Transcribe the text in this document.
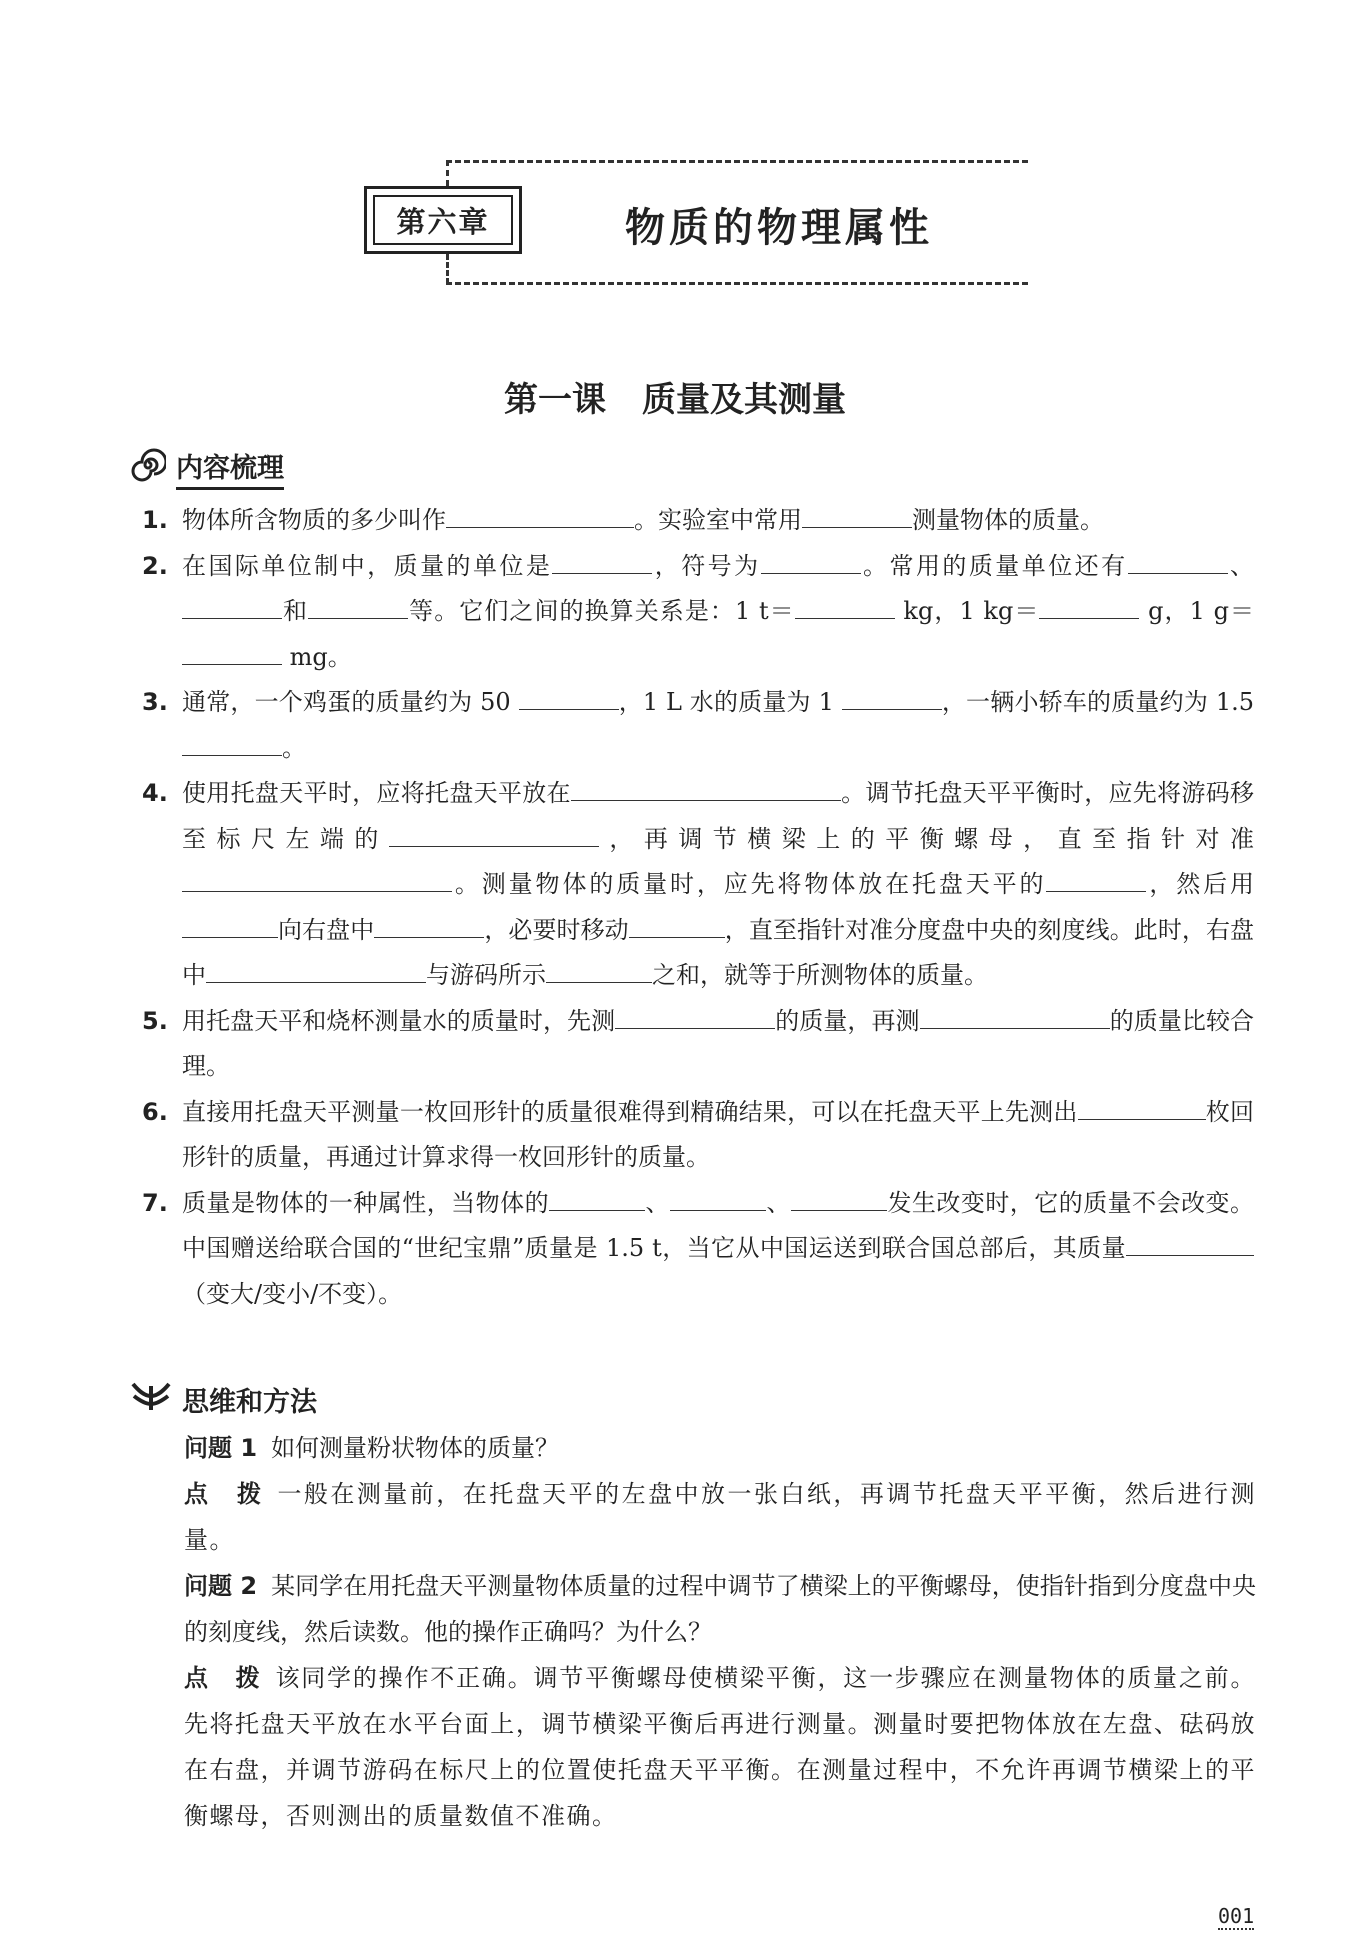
第六章	物质的物理属性
第一课 质量及其测量
内容梳理
1. 物体所含物质的多少叫作	。实验室中常用	测量物体的质量。
2. 在国际单位制中，质量的单位是	，符号为	。常用的质量单位还有	、和	等。它们之间的换算关系是：1 t＝	kg，1 kg＝	g，1 g＝ mg。
3. 通常，一个鸡蛋的质量约为 50	，1 L 水的质量为 1	，一辆小轿车的质量约为 1.5 。
4. 使用托盘天平时，应将托盘天平放在	。调节托盘天平平衡时，应先将游码移至标尺左端的	，再调节横梁上的平衡螺母，直至指针对准。测量物体的质量时，应先将物体放在托盘天平的	，然后用向右盘中	，必要时移动	，直至指针对准分度盘中央的刻度线。此时，右盘中	与游码所示	之和，就等于所测物体的质量。
5. 用托盘天平和烧杯测量水的质量时，先测	的质量，再测	的质量比较合理。
6. 直接用托盘天平测量一枚回形针的质量很难得到精确结果，可以在托盘天平上先测出	枚回形针的质量，再通过计算求得一枚回形针的质量。
7. 质量是物体的一种属性，当物体的	、	、	发生改变时，它的质量不会改变。中国赠送给联合国的“世纪宝鼎”质量是 1.5 t，当它从中国运送到联合国总部后，其质量（变大/变小/不变）。
思维和方法

问题 1 如何测量粉状物体的质量？

点　拨 一般在测量前，在托盘天平的左盘中放一张白纸，再调节托盘天平平衡，然后进行测量。

问题 2 某同学在用托盘天平测量物体质量的过程中调节了横梁上的平衡螺母，使指针指到分度盘中央的刻度线，然后读数。他的操作正确吗？为什么？

点　拨 该同学的操作不正确。调节平衡螺母使横梁平衡，这一步骤应在测量物体的质量之前。先将托盘天平放在水平台面上，调节横梁平衡后再进行测量。测量时要把物体放在左盘、砝码放在右盘，并调节游码在标尺上的位置使托盘天平平衡。在测量过程中，不允许再调节横梁上的平衡螺母，否则测出的质量数值不准确。

001
